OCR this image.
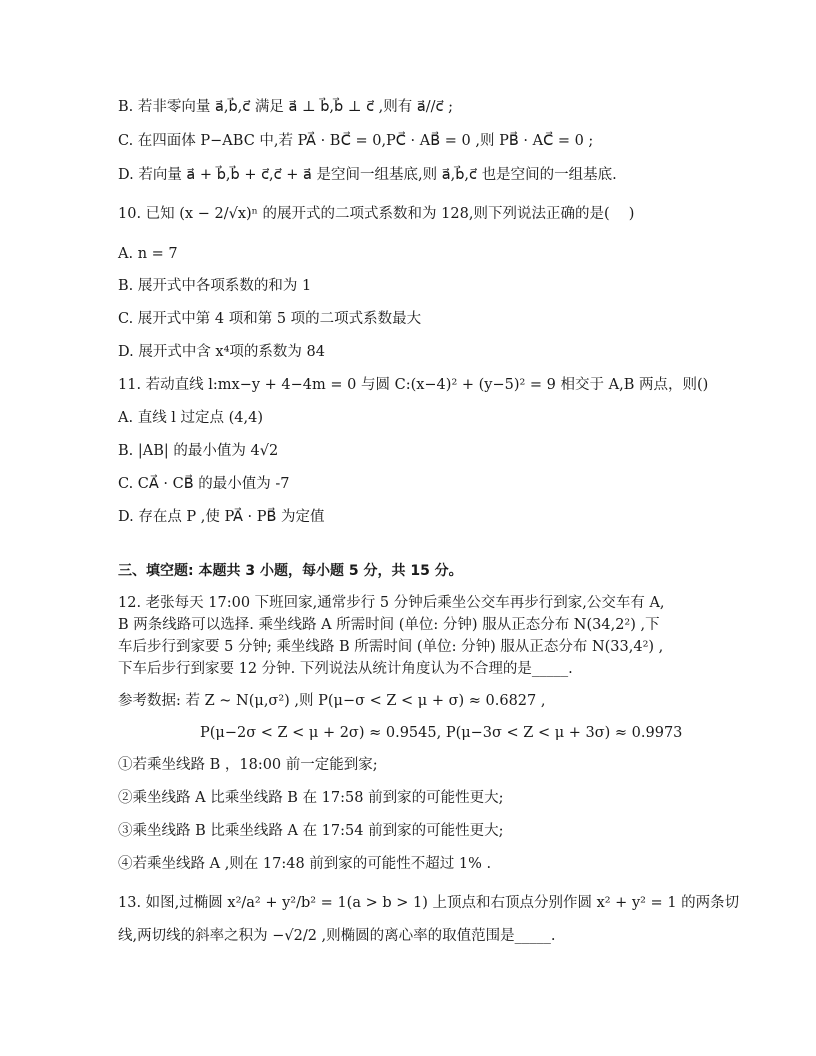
B. 若非零向量 a⃗,b⃗,c⃗ 满足 a⃗ ⊥ b⃗,b⃗ ⊥ c⃗ ,则有 a⃗//c⃗ ;
C. 在四面体 P−ABC 中,若 PA⃗ · BC⃗ = 0,PC⃗ · AB⃗ = 0 ,则 PB⃗ · AC⃗ = 0 ;
D. 若向量 a⃗ + b⃗,b⃗ + c⃗,c⃗ + a⃗ 是空间一组基底,则 a⃗,b⃗,c⃗ 也是空间的一组基底.
10. 已知 (x − 2/√x)ⁿ 的展开式的二项式系数和为 128,则下列说法正确的是(　 )
A. n = 7
B. 展开式中各项系数的和为 1
C. 展开式中第 4 项和第 5 项的二项式系数最大
D. 展开式中含 x⁴项的系数为 84
11. 若动直线 l:mx−y + 4−4m = 0 与圆 C:(x−4)² + (y−5)² = 9 相交于 A,B 两点，则()
A. 直线 l 过定点 (4,4)
B. |AB| 的最小值为 4√2
C. CA⃗ · CB⃗ 的最小值为 -7
D. 存在点 P ,使 PA⃗ · PB⃗ 为定值
三、填空题: 本题共 3 小题，每小题 5 分，共 15 分。
12. 老张每天 17:00 下班回家,通常步行 5 分钟后乘坐公交车再步行到家,公交车有 A,
B 两条线路可以选择. 乘坐线路 A 所需时间 (单位: 分钟) 服从正态分布 N(34,2²) ,下
车后步行到家要 5 分钟; 乘坐线路 B 所需时间 (单位: 分钟) 服从正态分布 N(33,4²) ,
下车后步行到家要 12 分钟. 下列说法从统计角度认为不合理的是_____.
参考数据: 若 Z ~ N(μ,σ²) ,则 P(μ−σ < Z < μ + σ) ≈ 0.6827 ,
P(μ−2σ < Z < μ + 2σ) ≈ 0.9545, P(μ−3σ < Z < μ + 3σ) ≈ 0.9973
①若乘坐线路 B ，18:00 前一定能到家;
②乘坐线路 A 比乘坐线路 B 在 17:58 前到家的可能性更大;
③乘坐线路 B 比乘坐线路 A 在 17:54 前到家的可能性更大;
④若乘坐线路 A ,则在 17:48 前到家的可能性不超过 1% .
13. 如图,过椭圆 x²/a² + y²/b² = 1(a > b > 1) 上顶点和右顶点分别作圆 x² + y² = 1 的两条切
线,两切线的斜率之积为 −√2/2 ,则椭圆的离心率的取值范围是_____.
